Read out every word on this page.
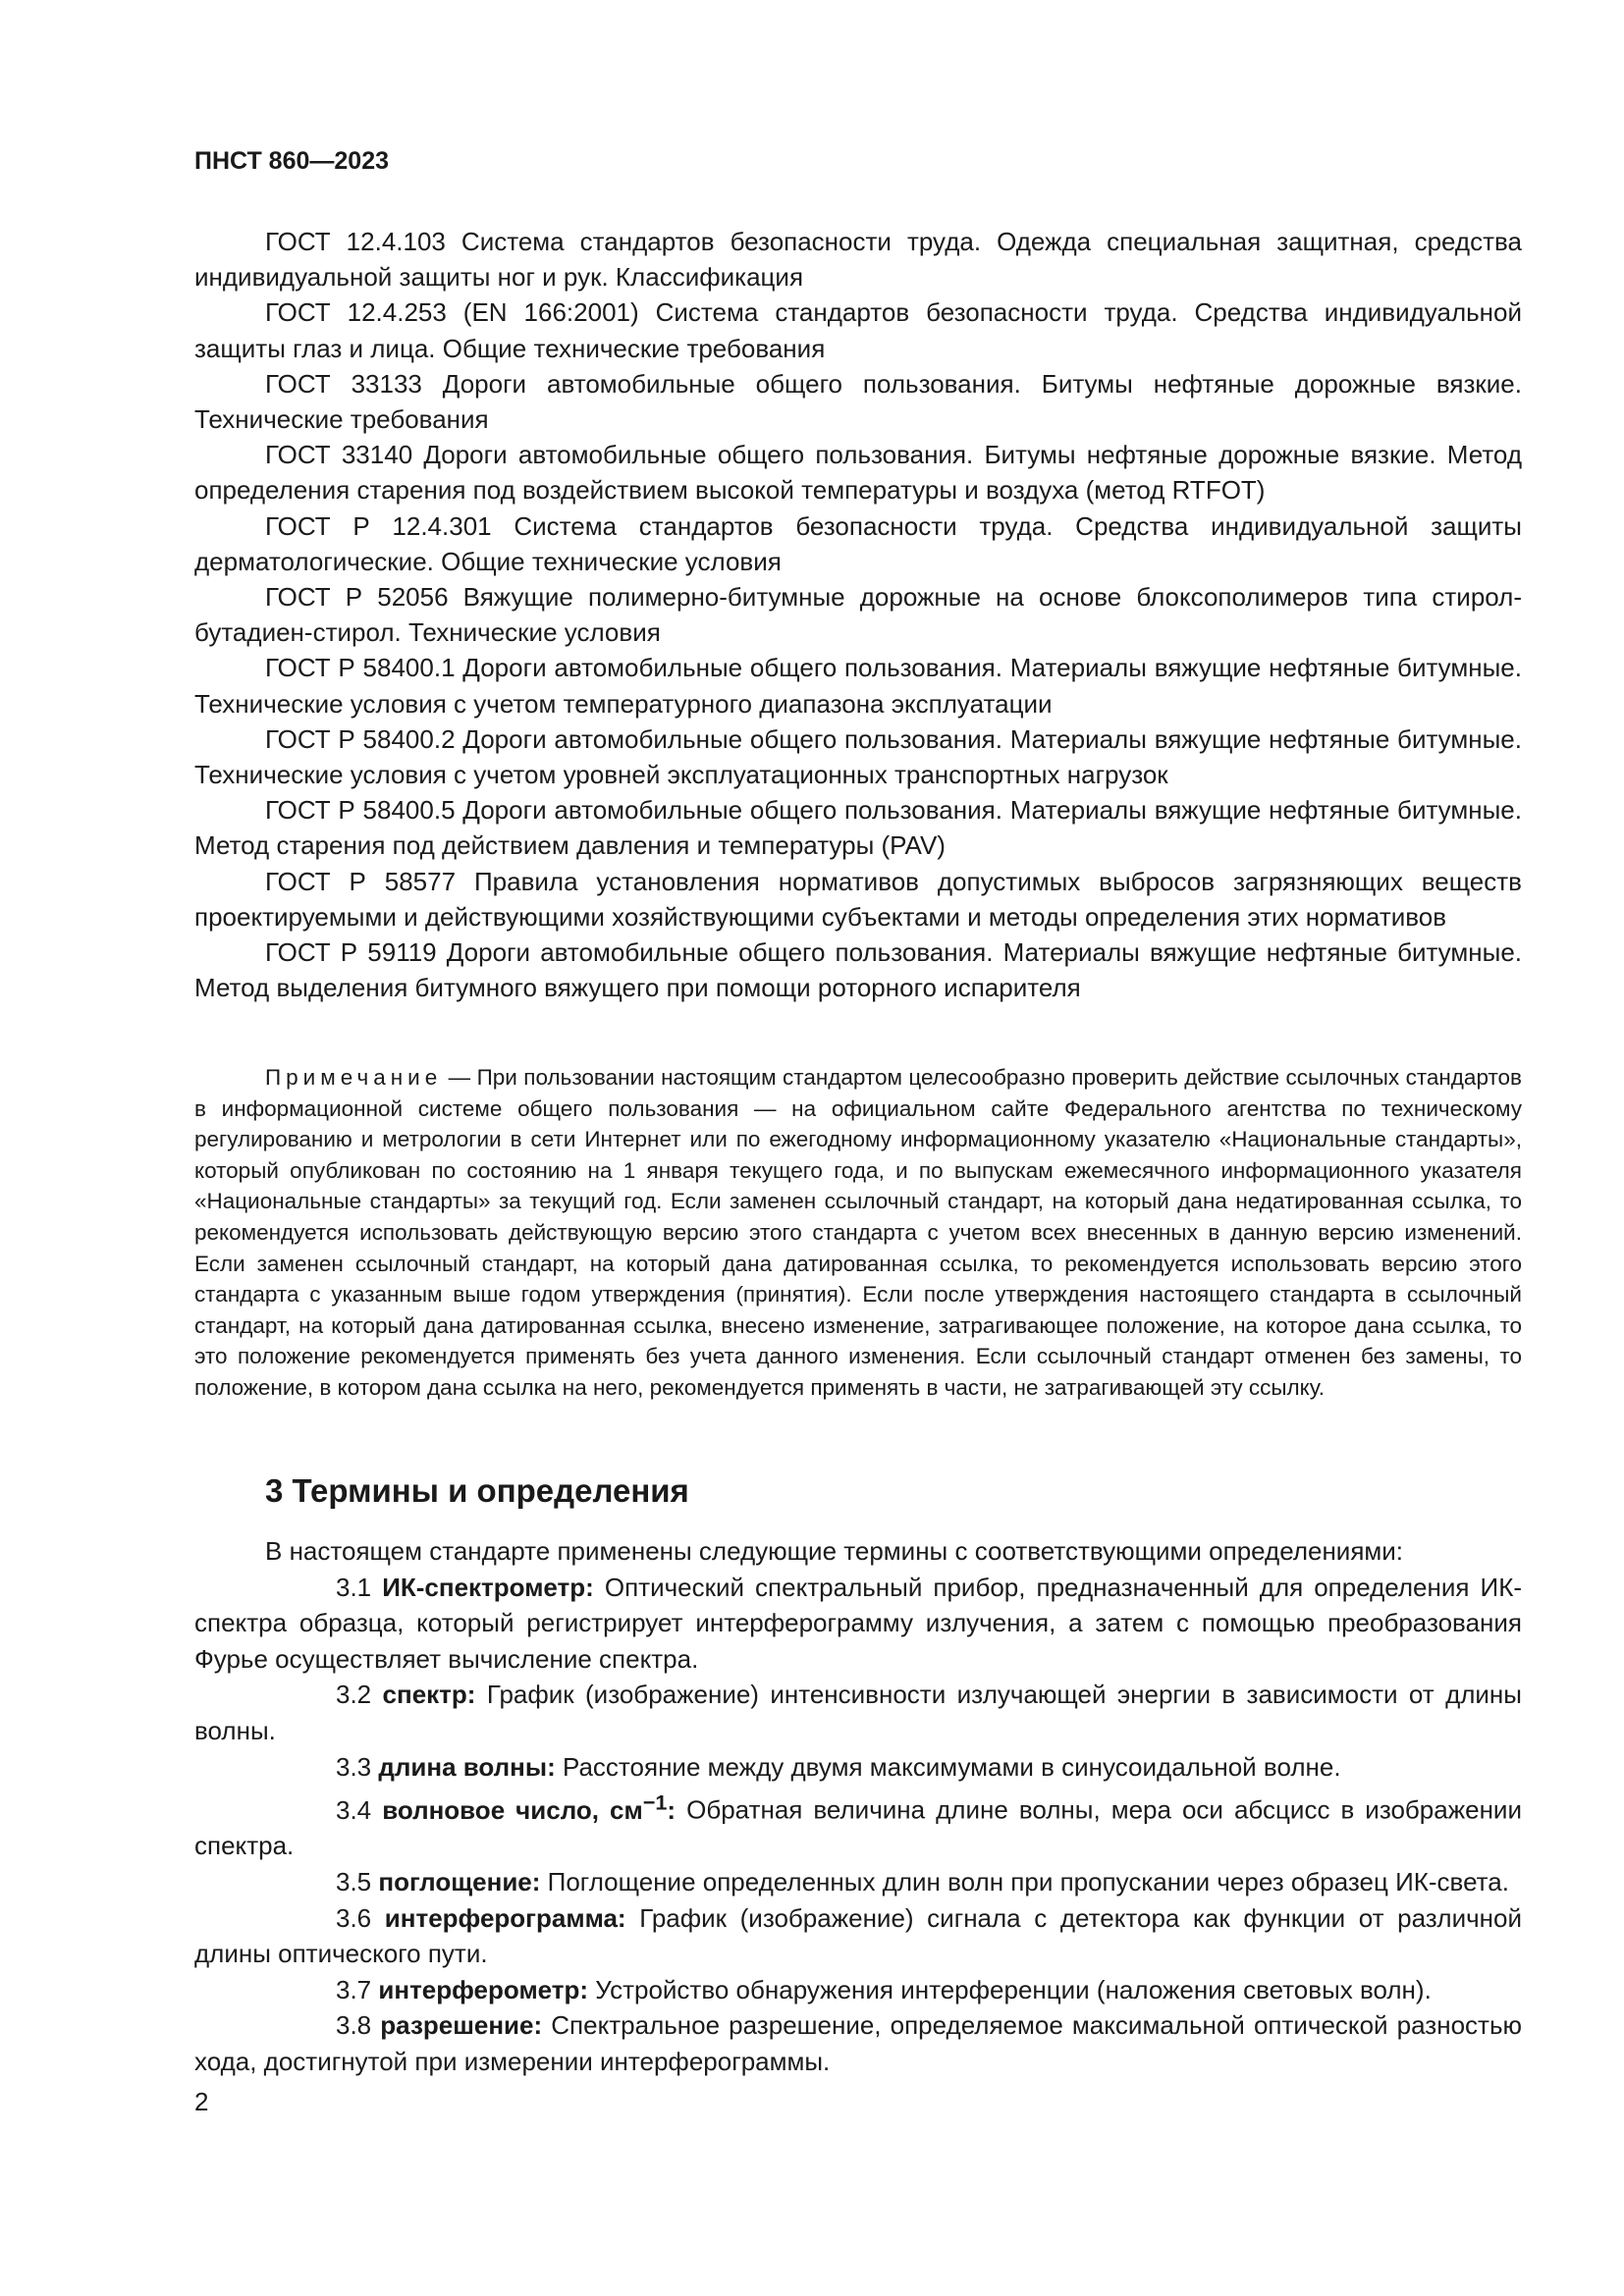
ПНСТ 860—2023

ГОСТ 12.4.103 Система стандартов безопасности труда. Одежда специальная защитная, средства индивидуальной защиты ног и рук. Классификация

ГОСТ 12.4.253 (EN 166:2001) Система стандартов безопасности труда. Средства индивидуальной защиты глаз и лица. Общие технические требования

ГОСТ 33133 Дороги автомобильные общего пользования. Битумы нефтяные дорожные вязкие. Технические требования

ГОСТ 33140 Дороги автомобильные общего пользования. Битумы нефтяные дорожные вязкие. Метод определения старения под воздействием высокой температуры и воздуха (метод RTFOT)

ГОСТ Р 12.4.301 Система стандартов безопасности труда. Средства индивидуальной защиты дерматологические. Общие технические условия

ГОСТ Р 52056 Вяжущие полимерно-битумные дорожные на основе блоксополимеров типа стирол-бутадиен-стирол. Технические условия

ГОСТ Р 58400.1 Дороги автомобильные общего пользования. Материалы вяжущие нефтяные битумные. Технические условия с учетом температурного диапазона эксплуатации

ГОСТ Р 58400.2 Дороги автомобильные общего пользования. Материалы вяжущие нефтяные битумные. Технические условия с учетом уровней эксплуатационных транспортных нагрузок

ГОСТ Р 58400.5 Дороги автомобильные общего пользования. Материалы вяжущие нефтяные битумные. Метод старения под действием давления и температуры (PAV)

ГОСТ Р 58577 Правила установления нормативов допустимых выбросов загрязняющих веществ проектируемыми и действующими хозяйствующими субъектами и методы определения этих нормативов

ГОСТ Р 59119 Дороги автомобильные общего пользования. Материалы вяжущие нефтяные битумные. Метод выделения битумного вяжущего при помощи роторного испарителя

Примечание — При пользовании настоящим стандартом целесообразно проверить действие ссылочных стандартов в информационной системе общего пользования — на официальном сайте Федерального агентства по техническому регулированию и метрологии в сети Интернет или по ежегодному информационному указателю «Национальные стандарты», который опубликован по состоянию на 1 января текущего года, и по выпускам ежемесячного информационного указателя «Национальные стандарты» за текущий год. Если заменен ссылочный стандарт, на который дана недатированная ссылка, то рекомендуется использовать действующую версию этого стандарта с учетом всех внесенных в данную версию изменений. Если заменен ссылочный стандарт, на который дана датированная ссылка, то рекомендуется использовать версию этого стандарта с указанным выше годом утверждения (принятия). Если после утверждения настоящего стандарта в ссылочный стандарт, на который дана датированная ссылка, внесено изменение, затрагивающее положение, на которое дана ссылка, то это положение рекомендуется применять без учета данного изменения. Если ссылочный стандарт отменен без замены, то положение, в котором дана ссылка на него, рекомендуется применять в части, не затрагивающей эту ссылку.

3 Термины и определения

В настоящем стандарте применены следующие термины с соответствующими определениями:

3.1 ИК-спектрометр: Оптический спектральный прибор, предназначенный для определения ИК-спектра образца, который регистрирует интерферограмму излучения, а затем с помощью преобразования Фурье осуществляет вычисление спектра.

3.2 спектр: График (изображение) интенсивности излучающей энергии в зависимости от длины волны.

3.3 длина волны: Расстояние между двумя максимумами в синусоидальной волне.

3.4 волновое число, $см^{-1}$: Обратная величина длине волны, мера оси абсцисс в изображении спектра.

3.5 поглощение: Поглощение определенных длин волн при пропускании через образец ИК-света.

3.6 интерферограмма: График (изображение) сигнала с детектора как функции от различной длины оптического пути.

3.7 интерферометр: Устройство обнаружения интерференции (наложения световых волн).

3.8 разрешение: Спектральное разрешение, определяемое максимальной оптической разностью хода, достигнутой при измерении интерферограммы.

2
